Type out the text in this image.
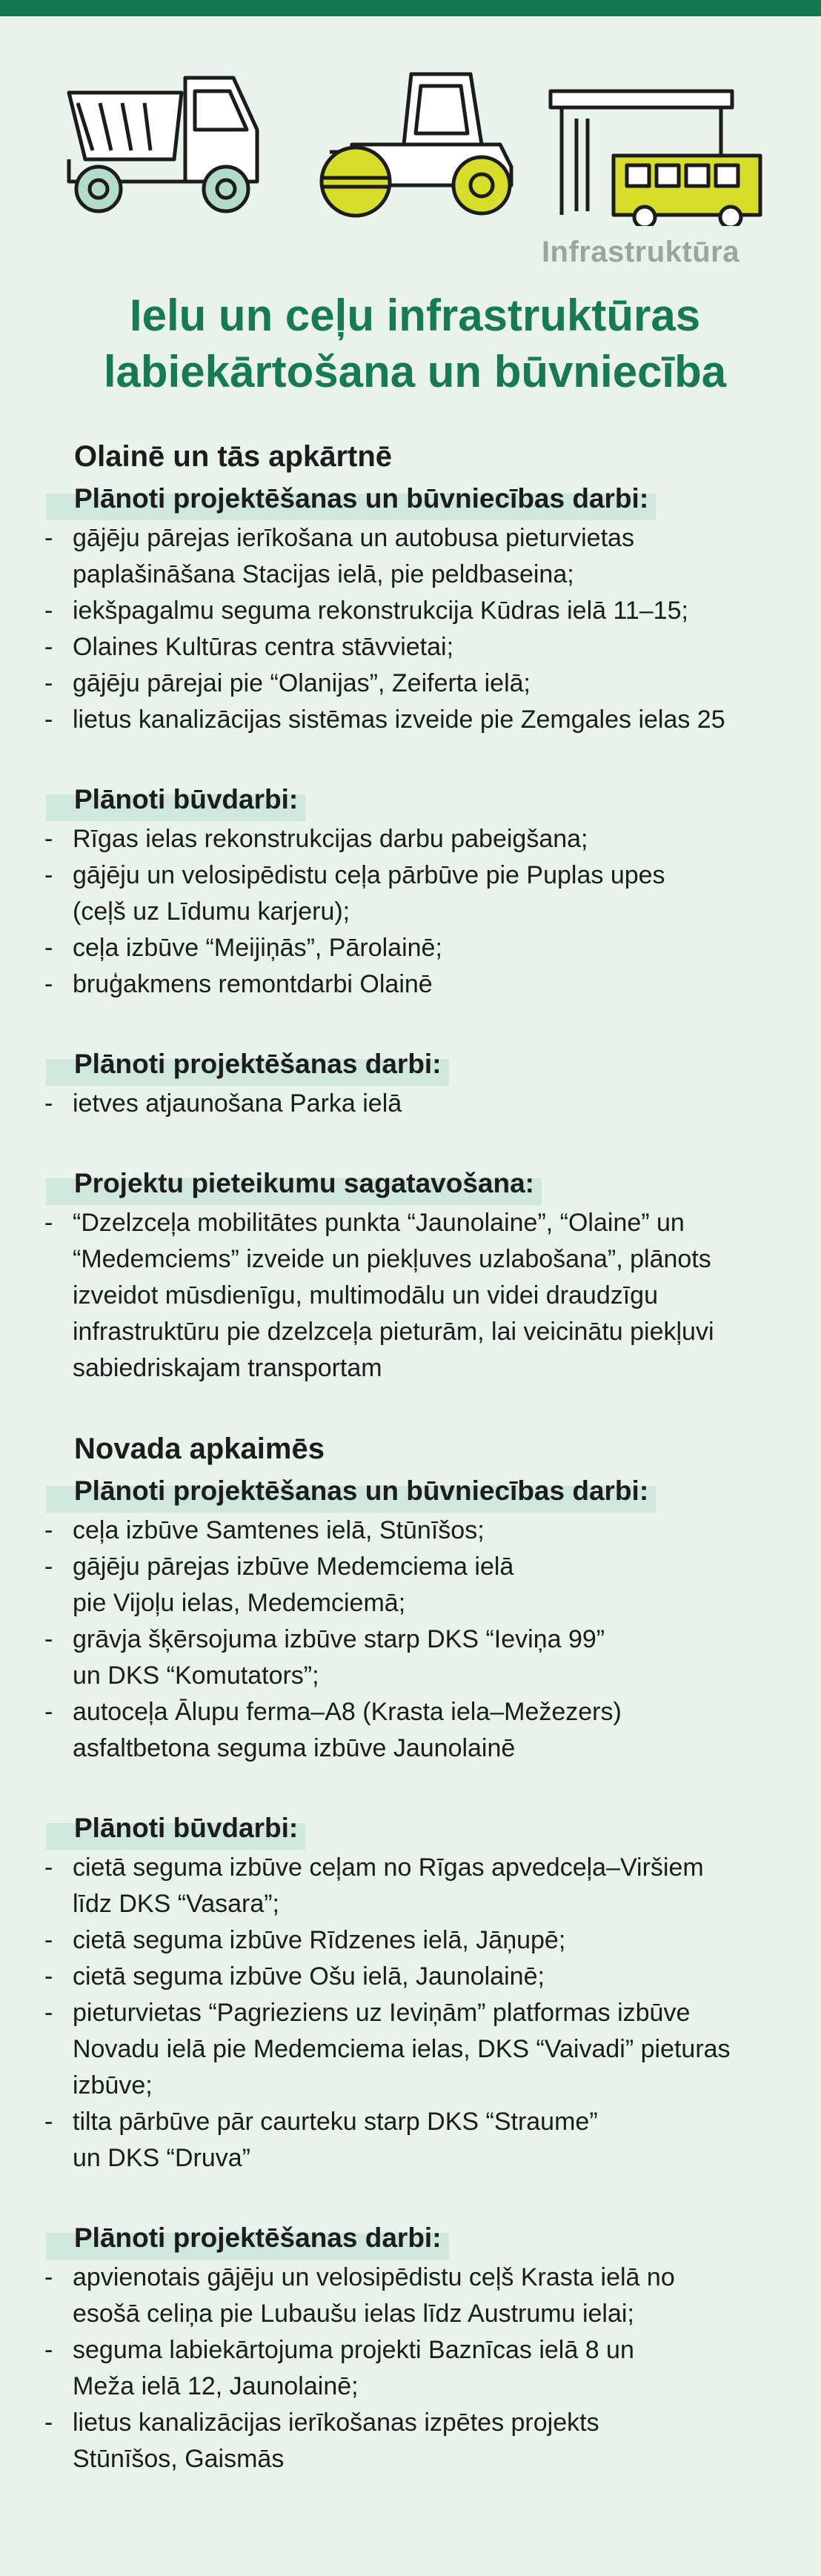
Infrastruktūra
Ielu un ceļu infrastruktūras
labiekārtošana un būvniecība
Olainē un tās apkārtnē
Plānoti projektēšanas un būvniecības darbi:
- gājēju pārejas ierīkošana un autobusa pieturvietas
paplašināšana Stacijas ielā, pie peldbaseina;
- iekšpagalmu seguma rekonstrukcija Kūdras ielā 11–15;
- Olaines Kultūras centra stāvvietai;
- gājēju pārejai pie “Olanijas”, Zeiferta ielā;
- lietus kanalizācijas sistēmas izveide pie Zemgales ielas 25
Plānoti būvdarbi:
- Rīgas ielas rekonstrukcijas darbu pabeigšana;
- gājēju un velosipēdistu ceļa pārbūve pie Puplas upes
(ceļš uz Līdumu karjeru);
- ceļa izbūve “Meijiņās”, Pārolainē;
- bruģakmens remontdarbi Olainē
Plānoti projektēšanas darbi:
- ietves atjaunošana Parka ielā
Projektu pieteikumu sagatavošana:
- “Dzelzceļa mobilitātes punkta “Jaunolaine”, “Olaine” un
“Medemciems” izveide un piekļuves uzlabošana”, plānots
izveidot mūsdienīgu, multimodālu un videi draudzīgu
infrastruktūru pie dzelzceļa pieturām, lai veicinātu piekļuvi
sabiedriskajam transportam
Novada apkaimēs
Plānoti projektēšanas un būvniecības darbi:
- ceļa izbūve Samtenes ielā, Stūnīšos;
- gājēju pārejas izbūve Medemciema ielā
pie Vijoļu ielas, Medemciemā;
- grāvja šķērsojuma izbūve starp DKS “Ieviņa 99”
un DKS “Komutators”;
- autoceļa Ālupu ferma–A8 (Krasta iela–Mežezers)
asfaltbetona seguma izbūve Jaunolainē
Plānoti būvdarbi:
- cietā seguma izbūve ceļam no Rīgas apvedceļa–Viršiem
līdz DKS “Vasara”;
- cietā seguma izbūve Rīdzenes ielā, Jāņupē;
- cietā seguma izbūve Ošu ielā, Jaunolainē;
- pieturvietas “Pagrieziens uz Ieviņām” platformas izbūve
Novadu ielā pie Medemciema ielas, DKS “Vaivadi” pieturas
izbūve;
- tilta pārbūve pār caurteku starp DKS “Straume”
un DKS “Druva”
Plānoti projektēšanas darbi:
- apvienotais gājēju un velosipēdistu ceļš Krasta ielā no
esošā celiņa pie Lubaušu ielas līdz Austrumu ielai;
- seguma labiekārtojuma projekti Baznīcas ielā 8 un
Meža ielā 12, Jaunolainē;
- lietus kanalizācijas ierīkošanas izpētes projekts
Stūnīšos, Gaismās
